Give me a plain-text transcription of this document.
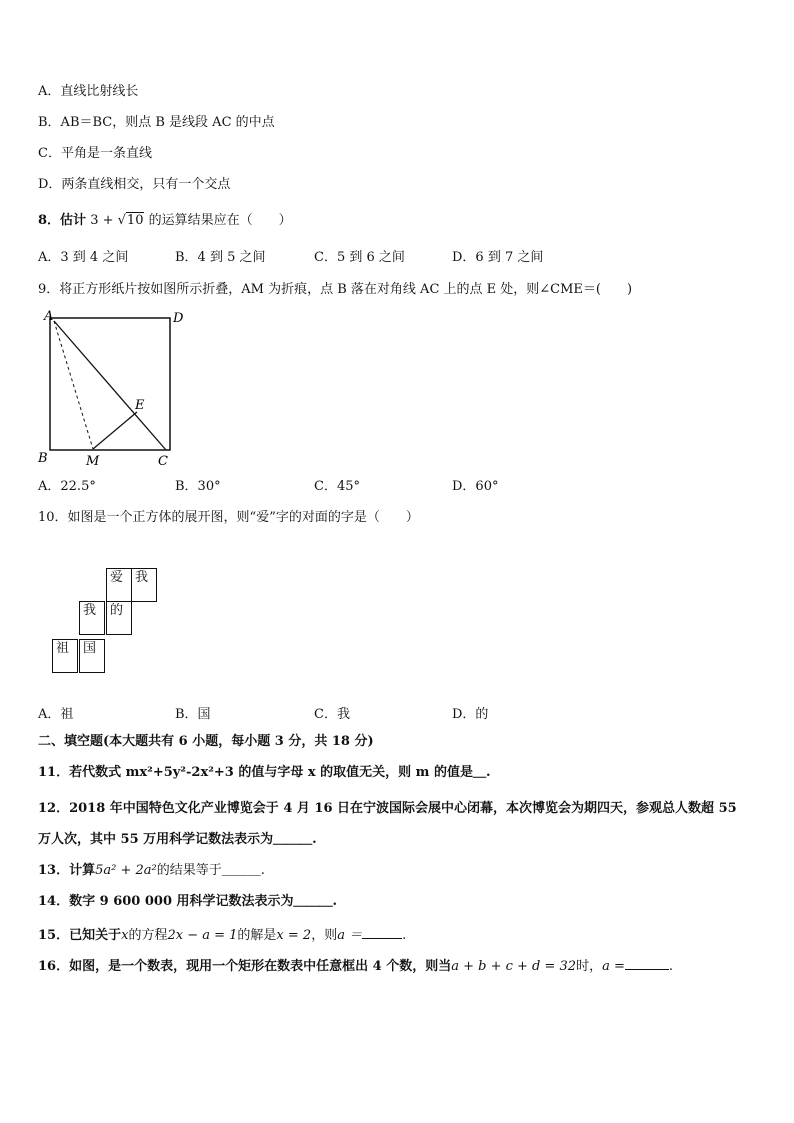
A．直线比射线长
B．AB＝BC，则点 B 是线段 AC 的中点
C．平角是一条直线
D．两条直线相交，只有一个交点
8．估计 3 + √10 的运算结果应在（　　）
A．3 到 4 之间	B．4 到 5 之间	C．5 到 6 之间	D．6 到 7 之间
9．将正方形纸片按如图所示折叠，AM 为折痕，点 B 落在对角线 AC 上的点 E 处，则∠CME＝(　　)
A	D
B	M	C
E
A．22.5°	B．30°	C．45°	D．60°
10．如图是一个正方体的展开图，则“爱”字的对面的字是（　　）
爱 我
我	的
祖	国
A．祖	B．国	C．我	D．的
二、填空题(本大题共有 6 小题，每小题 3 分，共 18 分)
11．若代数式 mx²+5y²-2x²+3 的值与字母 x 的取值无关，则 m 的值是＿.
12．2018 年中国特色文化产业博览会于 4 月 16 日在宁波国际会展中心闭幕，本次博览会为期四天，参观总人数超 55
万人次，其中 55 万用科学记数法表示为＿＿＿.
13．计算5a² + 2a²的结果等于＿＿＿.
14．数字 9 600 000 用科学记数法表示为＿＿＿.
15．已知关于x的方程2x − a = 1的解是x = 2，则a ＝	.
16．如图，是一个数表，现用一个矩形在数表中任意框出 4 个数，则当a + b + c + d = 32时，a =	.
